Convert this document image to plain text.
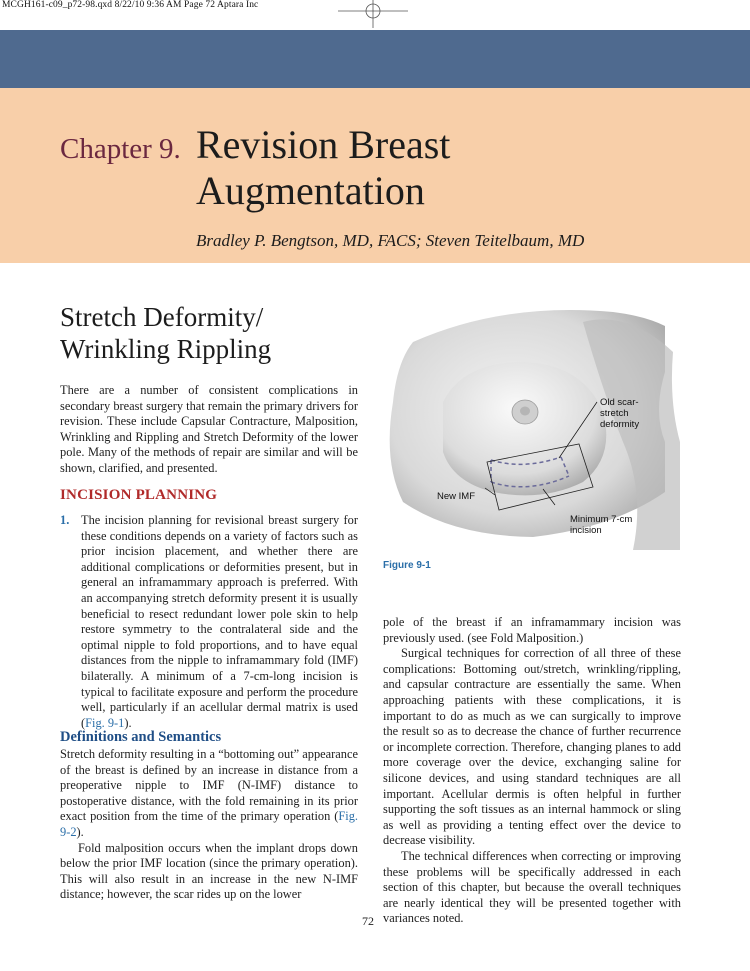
MCGH161-c09_p72-98.qxd 8/22/10 9:36 AM Page 72 Aptara Inc
Chapter 9. Revision Breast
Augmentation
Bradley P. Bengtson, MD, FACS; Steven Teitelbaum, MD
Stretch Deformity/
Wrinkling Rippling

There are a number of consistent complications in secondary breast surgery that remain the primary drivers for revision. These include Capsular Contracture, Malposition, Wrinkling and Rippling and Stretch Deformity of the lower pole. Many of the methods of repair are similar and will be shown, clarified, and presented.

INCISION PLANNING
1. The incision planning for revisional breast surgery for these conditions depends on a variety of factors such as prior incision placement, and whether there are additional complications or deformities present, but in general an inframammary approach is preferred. With an accompanying stretch deformity present it is usually beneficial to resect redundant lower pole skin to help restore symmetry to the contralateral side and the optimal nipple to fold proportions, and to have equal distances from the nipple to inframammary fold (IMF) bilaterally. A minimum of a 7-cm-long incision is typical to facilitate exposure and perform the procedure well, particularly if an acellular dermal matrix is used (Fig. 9-1).

Definitions and Semantics

Stretch deformity resulting in a “bottoming out” appearance of the breast is defined by an increase in distance from a preoperative nipple to IMF (N-IMF) distance to postoperative distance, with the fold remaining in its prior exact position from the time of the primary operation (Fig. 9-2).

Fold malposition occurs when the implant drops down below the prior IMF location (since the primary operation). This will also result in an increase in the new N-IMF distance; however, the scar rides up on the lower

Old scar-
stretch
deformity
New IMF
Minimum 7-cm
incision
Figure 9-1

pole of the breast if an inframammary incision was previously used. (see Fold Malposition.)

Surgical techniques for correction of all three of these complications: Bottoming out/stretch, wrinkling/rippling, and capsular contracture are essentially the same. When approaching patients with these complications, it is important to do as much as we can surgically to improve the result so as to decrease the chance of further recurrence or incomplete correction. Therefore, changing planes to add more coverage over the device, exchanging saline for silicone devices, and using standard techniques are all important. Acellular dermis is often helpful in further supporting the soft tissues as an internal hammock or sling as well as providing a tenting effect over the device to decrease visibility.

The technical differences when correcting or improving these problems will be specifically addressed in each section of this chapter, but because the overall techniques are nearly identical they will be presented together with variances noted.

72
